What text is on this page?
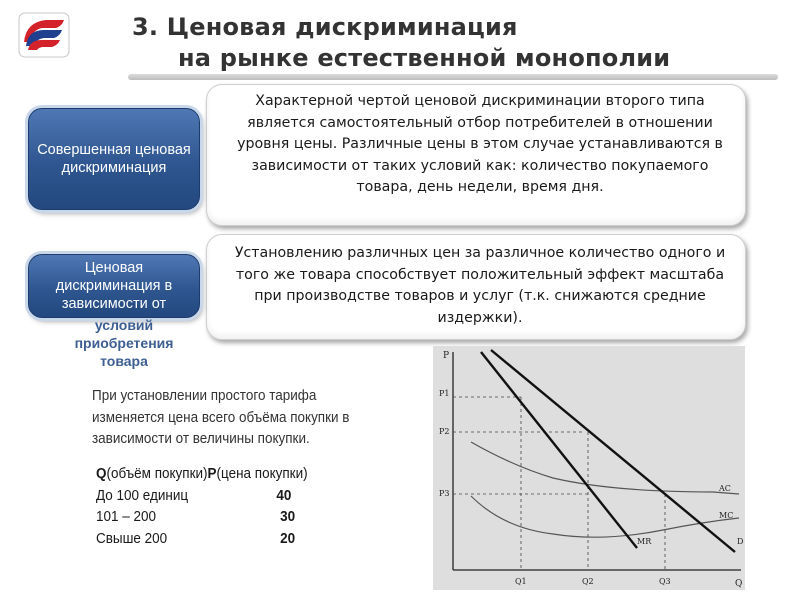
3. Ценовая дискриминация
на рынке естественной монополии
Характерной чертой ценовой дискриминации второго типа является самостоятельный отбор потребителей в отношении уровня цены. Различные цены в этом случае устанавливаются в зависимости от таких условий как: количество покупаемого товара, день недели, время дня.
Установлению различных цен за различное количество одного и того же товара способствует положительный эффект масштаба при производстве товаров и услуг (т.к. снижаются средние издержки).
Совершенная ценовая дискриминация
Ценовая
дискриминация в
зависимости от
условий приобретения товара
При установлении простого тарифа
изменяется цена всего объёма покупки в
зависимости от величины покупки.
Q (объём покупки) P (цена покупки)
До 100 единиц	40
101 – 200	30
Свыше 200	20
P
Q
P1
P2
P3
Q1	Q2	Q3
AC
MC
MR	D
